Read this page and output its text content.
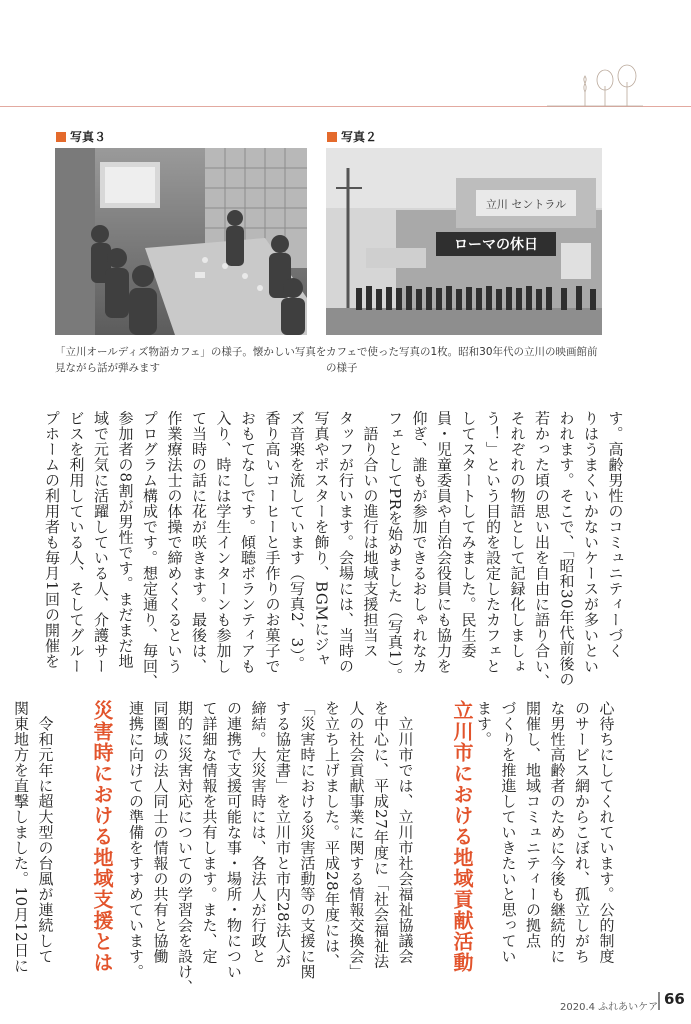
写真３
「立川オールディズ物語カフェ」の様子。懐かしい写真を見ながら話が弾みます
写真２
立川 セントラル
ローマの休日
カフェで使った写真の1枚。昭和30年代の立川の映画館前の様子

す。高齢男性のコミュニティーづく
りはうまくいかないケースが多いとい
われます。そこで、「昭和30年代前後の
若かった頃の思い出を自由に語り合い、
それぞれの物語として記録化しましょ
う！」という目的を設定したカフェと
してスタートしてみました。民生委
員・児童委員や自治会役員にも協力を
仰ぎ、誰もが参加できるおしゃれなカ
フェとしてPRを始めました（写真1）。
　語り合いの進行は地域支援担当ス
タッフが行います。会場には、当時の
写真やポスターを飾り、BGMにジャ
ズ音楽を流しています（写真2、3）。
香り高いコーヒーと手作りのお菓子で
おもてなしです。傾聴ボランティアも
入り、時には学生インターンも参加し
て当時の話に花が咲きます。最後は、
作業療法士の体操で締めくくるという
プログラム構成です。想定通り、毎回、
参加者の8割が男性です。まだまだ地
域で元気に活躍している人、介護サー
ビスを利用している人、そしてグルー
プホームの利用者も毎月1回の開催を

心待ちにしてくれています。公的制度
のサービス網からこぼれ、孤立しがち
な男性高齢者のために今後も継続的に
開催し、地域コミュニティーの拠点
づくりを推進していきたいと思ってい
ます。

立川市における地域貢献活動

　立川市では、立川市社会福祉協議会
を中心に、平成27年度に「社会福祉法
人の社会貢献事業に関する情報交換会」
を立ち上げました。平成28年度には、
「災害時における災害活動等の支援に関
する協定書」を立川市と市内28法人が
締結。大災害時には、各法人が行政と
の連携で支援可能な事・場所・物につい
て詳細な情報を共有します。また、定
期的に災害対応についての学習会を設け、
同圏域の法人同士の情報の共有と協働
連携に向けての準備をすすめています。

災害時における地域支援とは

　令和元年に超大型の台風が連続して
関東地方を直撃しました。10月12日に

2020.4 ふれあいケア 66
